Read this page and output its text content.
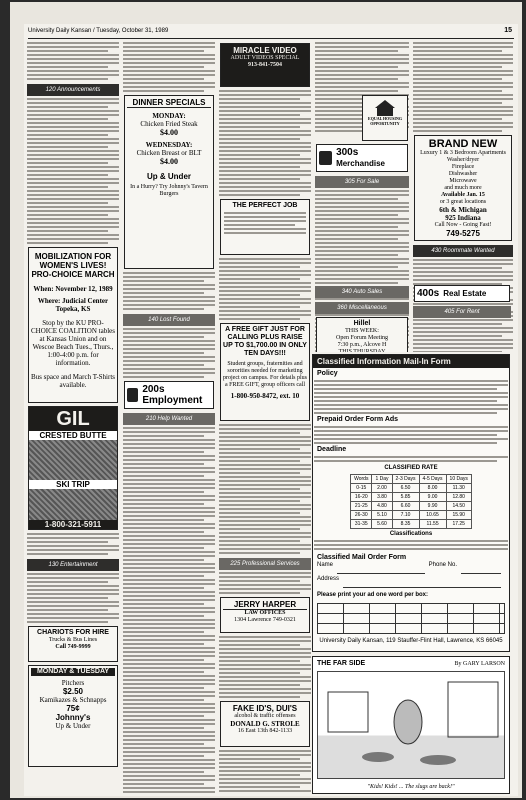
University Daily Kansan / Tuesday, October 31, 1989	15
120 Announcements
MOBILIZATION FOR WOMEN'S LIVES! PRO-CHOICE MARCH
When: November 12, 1989
Where: Judicial Center Topeka, KS
Stop by the KU PRO-CHOICE COALITION tables at Kansas Union and on Wescoe Beach Tues., Thurs., 1:00-4:00 p.m. for information.
Bus space and March T-Shirts available.
GIL
CRESTED BUTTE
SKI TRIP
1-800-321-5911
130 Entertainment
CHARIOTS FOR HIRE
Trucks & Bus Lines
Call 749-9999
MONDAY & TUESDAY
Pitchers
$2.50
Kamikazes & Schnapps
75¢
Johnny's
Up & Under
DINNER SPECIALS
MONDAY:
Chicken Fried Steak
$4.00
WEDNESDAY:
Chicken Breast or BLT
$4.00
Up & Under
In a Hurry? Try Johnny's Tavern Burgers
140 Lost Found
200s Employment
210 Help Wanted
MIRACLE VIDEO
ADULT VIDEOS SPECIAL
913-841-7504
THE PERFECT JOB
A FREE GIFT JUST FOR CALLING PLUS RAISE UP TO $1,700.00 IN ONLY TEN DAYS!!!
Student groups, fraternities and sororities needed for marketing project on campus. For details plus a FREE GIFT, group officers call
1-800-950-8472, ext. 10
225 Professional Services
JERRY HARPER
LAW OFFICES
1304 Lawrence 749-0321
FAKE ID'S, DUI'S
alcohol & traffic offenses
DONALD G. STROLE
16 East 13th 842-1133
EQUAL HOUSING OPPORTUNITY
300s Merchandise
305 For Sale
BRAND NEW
Luxury 1 & 3 Bedroom Apartments
Washer/dryer
Fireplace
Dishwasher
Microwave
and much more
Available Jan. 15
or 3 great locations
6th & Michigan
925 Indiana
Call Now - Going Fast!
749-5275
430 Roommate Wanted
Classified Information Mail-In Form
Policy
Prepaid Order Form Ads
Deadline
CLASSIFIED RATE
Words	1 Day	2-3 Days	4-5 Days	10 Days
0-15	2.00	6.50	8.00	11.30
16-20	3.80	5.85	9.00	12.80
21-25	4.80	6.60	9.90	14.50
26-30	5.10	7.10	10.65	15.90
31-35	5.60	8.35	11.55	17.25
Classifications
Classified Mail Order Form
Name	Phone No.
Address
Please print your ad one word per box:
University Daily Kansan, 119 Stauffer-Flint Hall, Lawrence, KS 66045
THE FAR SIDE	By GARY LARSON
"Kids! Kids! ... The slugs are back!"
340 Auto Sales
360 Miscellaneous
Hillel
THIS WEEK:
Open Forum Meeting
7:30 p.m., Alcove H
THIS THURSDAY
400s Real Estate
405 For Rent
